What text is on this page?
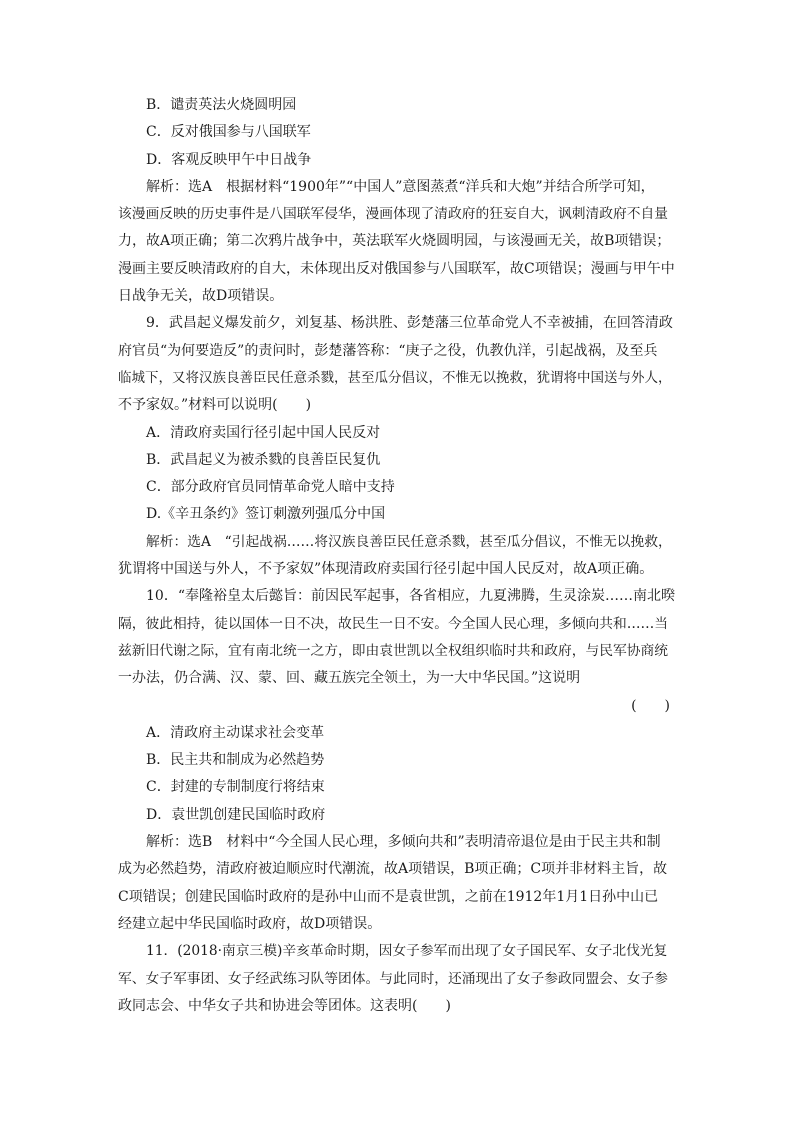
B．谴责英法火烧圆明园
C．反对俄国参与八国联军
D．客观反映甲午中日战争
解析：选A　根据材料“1900年”“中国人”意图蒸煮“洋兵和大炮”并结合所学可知，
该漫画反映的历史事件是八国联军侵华，漫画体现了清政府的狂妄自大，讽刺清政府不自量
力，故A项正确；第二次鸦片战争中，英法联军火烧圆明园，与该漫画无关，故B项错误；
漫画主要反映清政府的自大，未体现出反对俄国参与八国联军，故C项错误；漫画与甲午中
日战争无关，故D项错误。
9．武昌起义爆发前夕，刘复基、杨洪胜、彭楚藩三位革命党人不幸被捕，在回答清政
府官员“为何要造反”的责问时，彭楚藩答称：“庚子之役，仇教仇洋，引起战祸，及至兵
临城下，又将汉族良善臣民任意杀戮，甚至瓜分倡议，不惟无以挽救，犹谓将中国送与外人，
不予家奴。”材料可以说明(　　)
A．清政府卖国行径引起中国人民反对
B．武昌起义为被杀戮的良善臣民复仇
C．部分政府官员同情革命党人暗中支持
D.《辛丑条约》签订刺激列强瓜分中国
解析：选A　“引起战祸……将汉族良善臣民任意杀戮，甚至瓜分倡议，不惟无以挽救，
犹谓将中国送与外人，不予家奴”体现清政府卖国行径引起中国人民反对，故A项正确。
10．“奉隆裕皇太后懿旨：前因民军起事，各省相应，九夏沸腾，生灵涂炭……南北暌
隔，彼此相持，徒以国体一日不决，故民生一日不安。今全国人民心理，多倾向共和……当
兹新旧代谢之际，宜有南北统一之方，即由袁世凯以全权组织临时共和政府，与民军协商统
一办法，仍合满、汉、蒙、回、藏五族完全领土，为一大中华民国。”这说明
(　　)
A．清政府主动谋求社会变革
B．民主共和制成为必然趋势
C．封建的专制制度行将结束
D．袁世凯创建民国临时政府
解析：选B　材料中“今全国人民心理，多倾向共和”表明清帝退位是由于民主共和制
成为必然趋势，清政府被迫顺应时代潮流，故A项错误，B项正确；C项并非材料主旨，故
C项错误；创建民国临时政府的是孙中山而不是袁世凯，之前在1912年1月1日孙中山已
经建立起中华民国临时政府，故D项错误。
11．(2018·南京三模)辛亥革命时期，因女子参军而出现了女子国民军、女子北伐光复
军、女子军事团、女子经武练习队等团体。与此同时，还涌现出了女子参政同盟会、女子参
政同志会、中华女子共和协进会等团体。这表明(　　)
